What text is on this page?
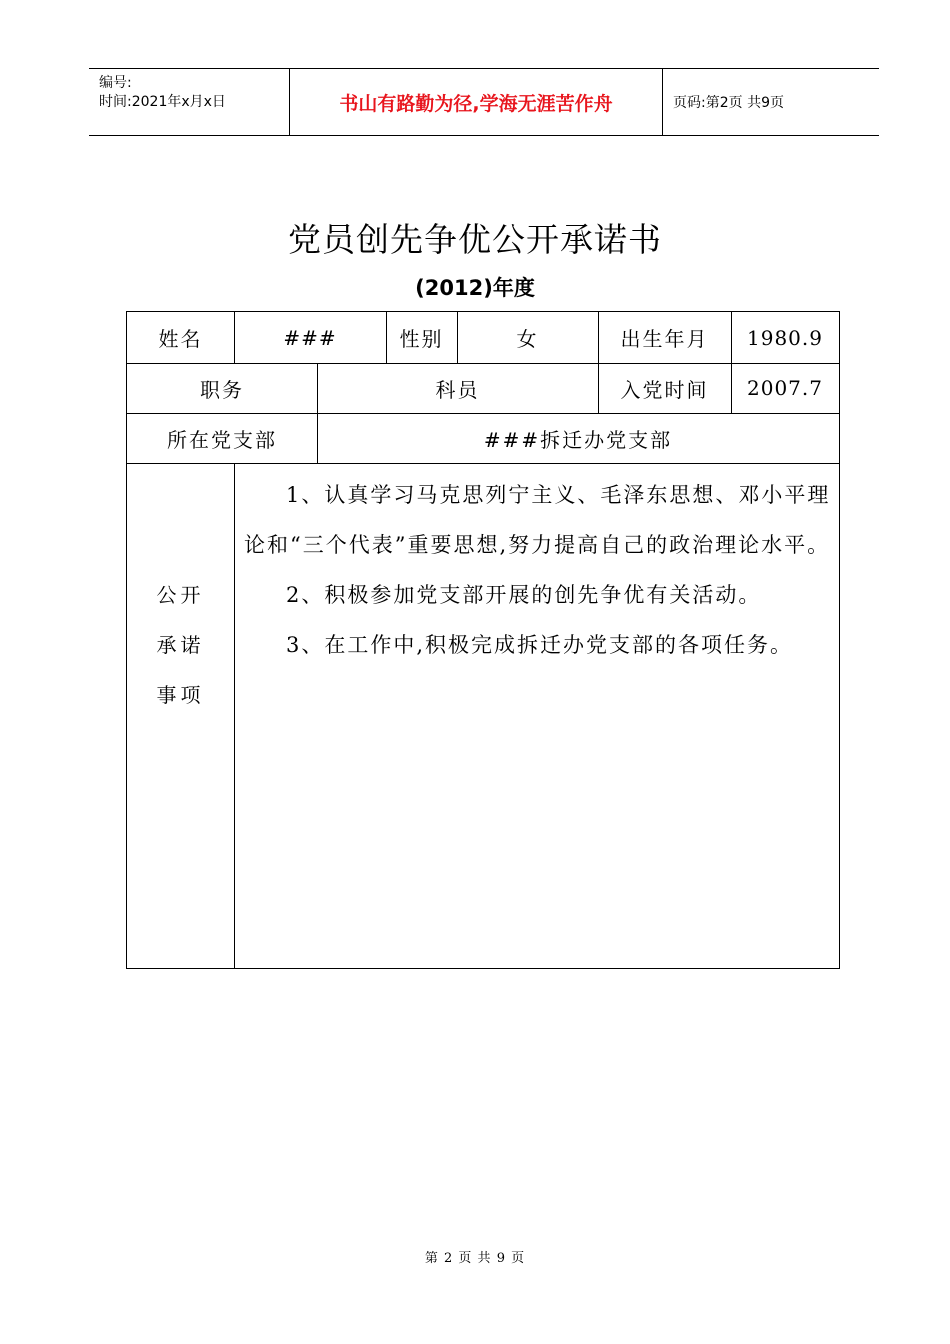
编号:
时间:2021年x月x日	书山有路勤为径,学海无涯苦作舟	页码:第2页 共9页
党员创先争优公开承诺书
(2012)年度
姓名	###	性别	女	出生年月	1980.9
职务	科员	入党时间	2007.7
所在党支部	###拆迁办党支部
公开
承诺
事项

1、认真学习马克思列宁主义、毛泽东思想、邓小平理论和“三个代表”重要思想,努力提高自己的政治理论水平。

2、积极参加党支部开展的创先争优有关活动。

3、在工作中,积极完成拆迁办党支部的各项任务。

第 2 页 共 9 页
